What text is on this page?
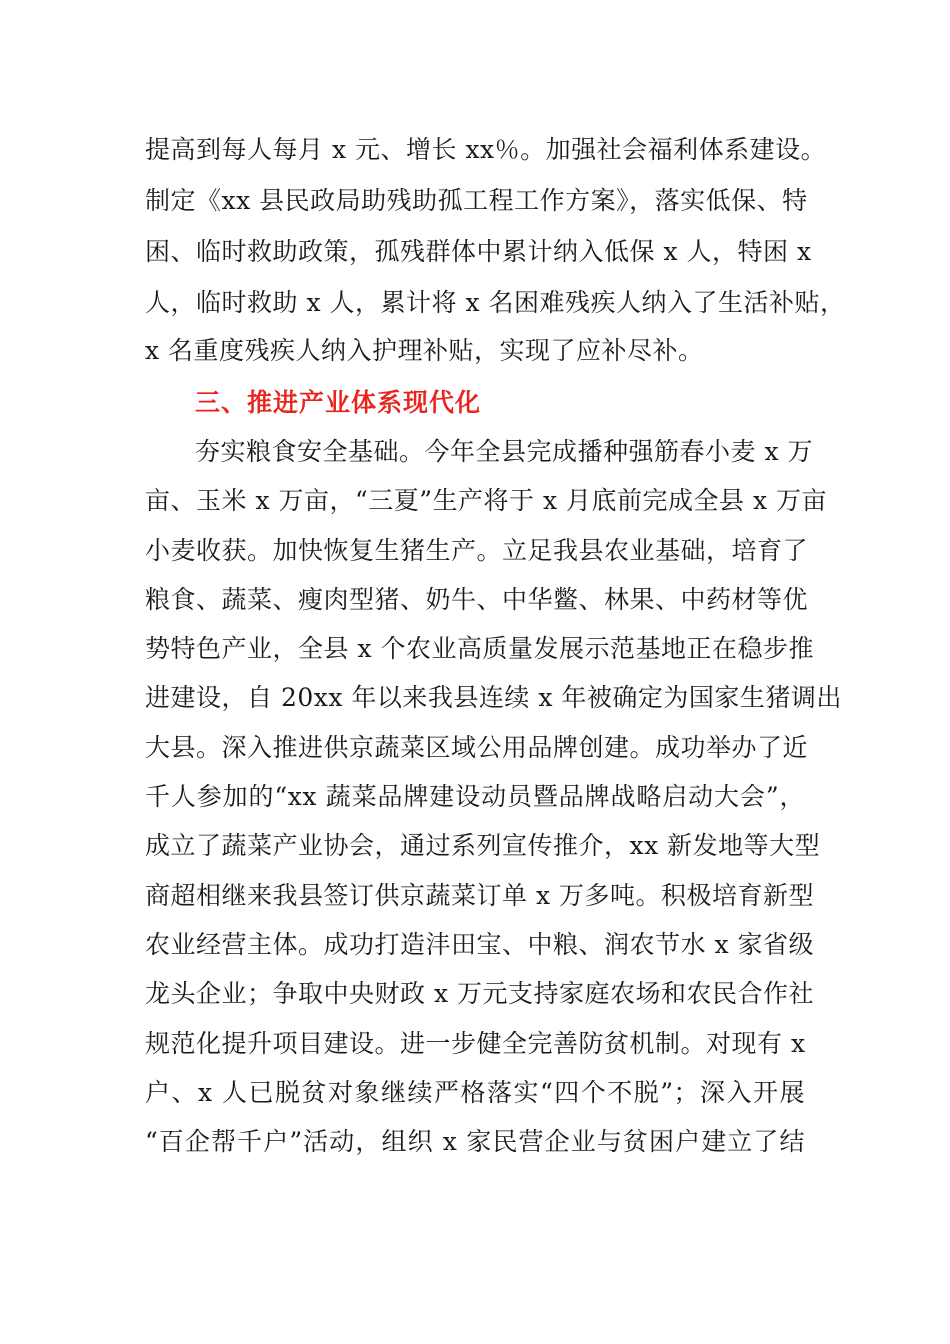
提高到每人每月 x 元、增长 xx％。加强社会福利体系建设。
制定《xx 县民政局助残助孤工程工作方案》，落实低保、特
困、临时救助政策，孤残群体中累计纳入低保 x 人，特困 x
人，临时救助 x 人，累计将 x 名困难残疾人纳入了生活补贴，
x 名重度残疾人纳入护理补贴，实现了应补尽补。
三、推进产业体系现代化
夯实粮食安全基础。今年全县完成播种强筋春小麦 x 万
亩、玉米 x 万亩，“三夏”生产将于 x 月底前完成全县 x 万亩
小麦收获。加快恢复生猪生产。立足我县农业基础，培育了
粮食、蔬菜、瘦肉型猪、奶牛、中华鳖、林果、中药材等优
势特色产业，全县 x 个农业高质量发展示范基地正在稳步推
进建设，自 20xx 年以来我县连续 x 年被确定为国家生猪调出
大县。深入推进供京蔬菜区域公用品牌创建。成功举办了近
千人参加的“xx 蔬菜品牌建设动员暨品牌战略启动大会”，
成立了蔬菜产业协会，通过系列宣传推介，xx 新发地等大型
商超相继来我县签订供京蔬菜订单 x 万多吨。积极培育新型
农业经营主体。成功打造沣田宝、中粮、润农节水 x 家省级
龙头企业；争取中央财政 x 万元支持家庭农场和农民合作社
规范化提升项目建设。进一步健全完善防贫机制。对现有 x
户、x 人已脱贫对象继续严格落实“四个不脱”；深入开展
“百企帮千户”活动，组织 x 家民营企业与贫困户建立了结
